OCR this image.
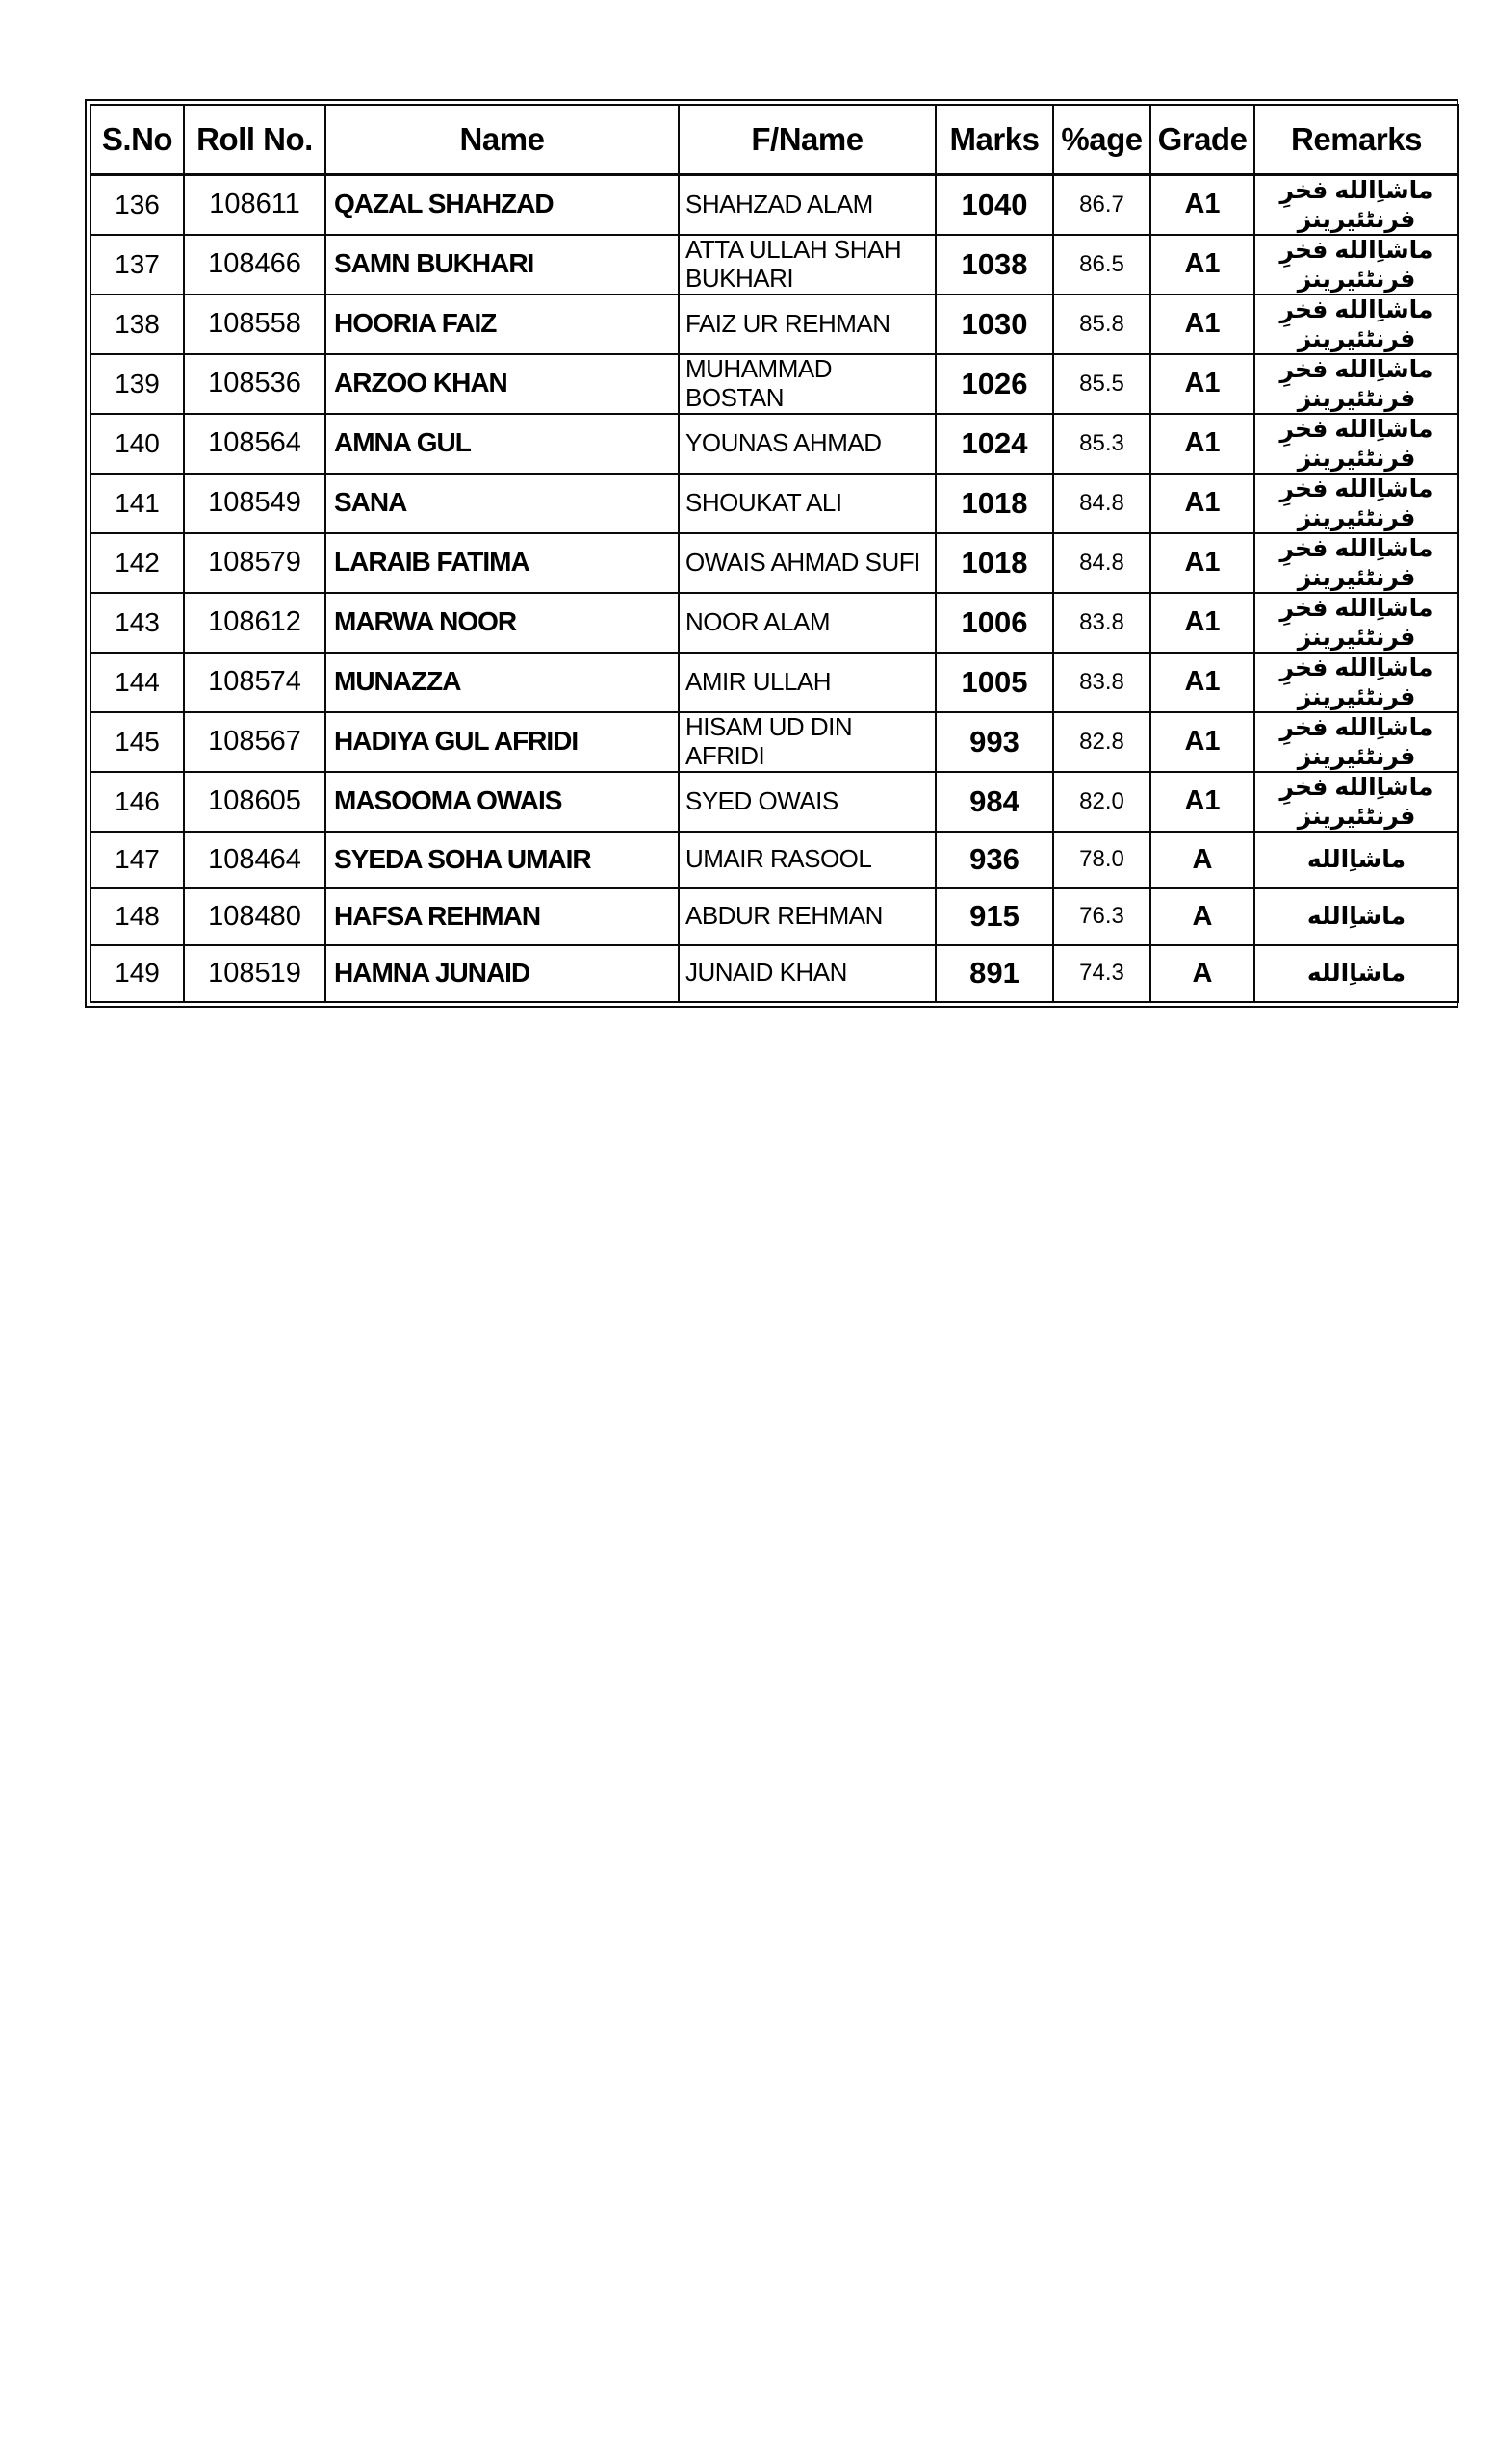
S.No	Roll No.	Name	F/Name	Marks	%age	Grade	Remarks
136	108611	QAZAL SHAHZAD	SHAHZAD ALAM	1040	86.7	A1	ماشاِالله فخرِ فرنٹئیرینز
137	108466	SAMN BUKHARI	ATTA ULLAH SHAH BUKHARI	1038	86.5	A1	ماشاِالله فخرِ فرنٹئیرینز
138	108558	HOORIA FAIZ	FAIZ UR REHMAN	1030	85.8	A1	ماشاِالله فخرِ فرنٹئیرینز
139	108536	ARZOO KHAN	MUHAMMAD BOSTAN	1026	85.5	A1	ماشاِالله فخرِ فرنٹئیرینز
140	108564	AMNA GUL	YOUNAS AHMAD	1024	85.3	A1	ماشاِالله فخرِ فرنٹئیرینز
141	108549	SANA	SHOUKAT ALI	1018	84.8	A1	ماشاِالله فخرِ فرنٹئیرینز
142	108579	LARAIB FATIMA	OWAIS AHMAD SUFI	1018	84.8	A1	ماشاِالله فخرِ فرنٹئیرینز
143	108612	MARWA NOOR	NOOR ALAM	1006	83.8	A1	ماشاِالله فخرِ فرنٹئیرینز
144	108574	MUNAZZA	AMIR ULLAH	1005	83.8	A1	ماشاِالله فخرِ فرنٹئیرینز
145	108567	HADIYA GUL AFRIDI	HISAM UD DIN AFRIDI	993	82.8	A1	ماشاِالله فخرِ فرنٹئیرینز
146	108605	MASOOMA OWAIS	SYED OWAIS	984	82.0	A1	ماشاِالله فخرِ فرنٹئیرینز
147	108464	SYEDA SOHA UMAIR	UMAIR RASOOL	936	78.0	A	ماشاِالله
148	108480	HAFSA REHMAN	ABDUR REHMAN	915	76.3	A	ماشاِالله
149	108519	HAMNA JUNAID	JUNAID KHAN	891	74.3	A	ماشاِالله
